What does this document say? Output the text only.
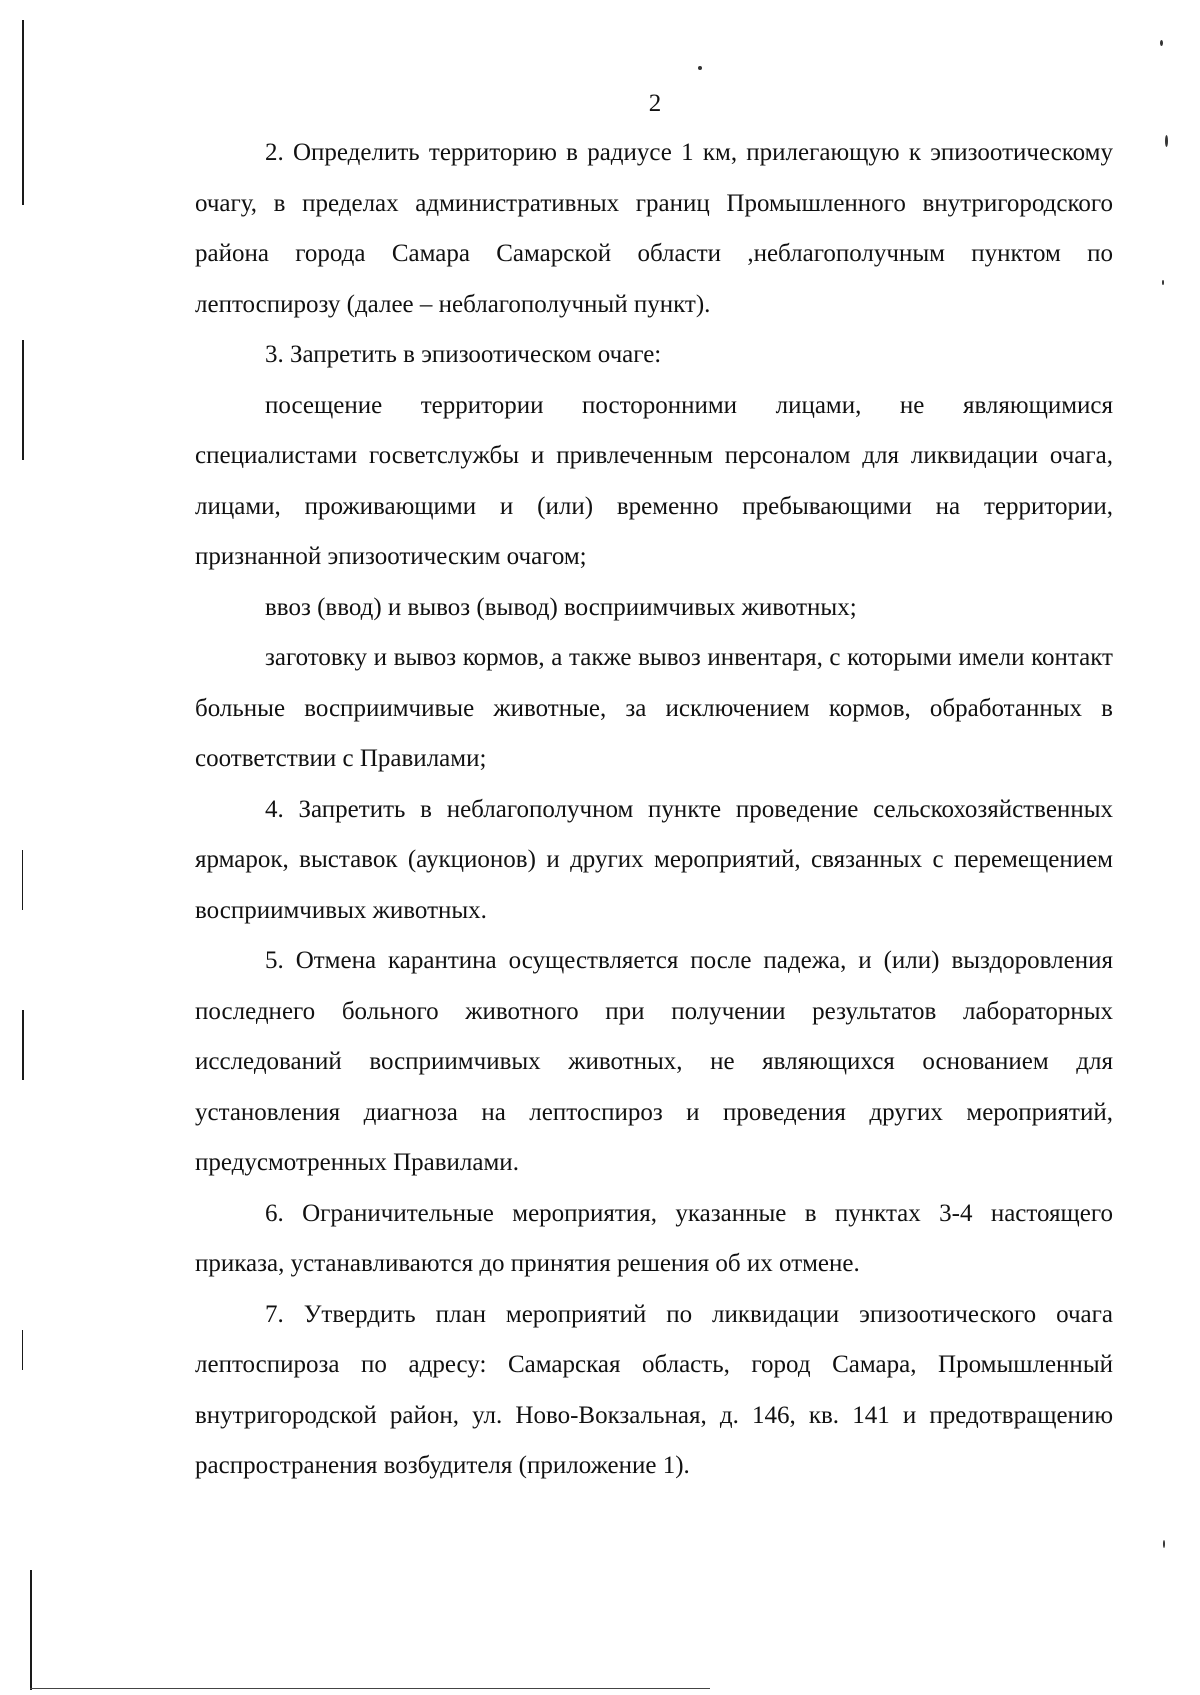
2

2. Определить территорию в радиусе 1 км, прилегающую к эпизоотическому очагу, в пределах административных границ Промышленного внутригородского района города Самара Самарской области ,неблагополучным пунктом по лептоспирозу (далее – неблагополучный пункт).

3. Запретить в эпизоотическом очаге:

посещение территории посторонними лицами, не являющимися специалистами госветслужбы и привлеченным персоналом для ликвидации очага, лицами, проживающими и (или) временно пребывающими на территории, признанной эпизоотическим очагом;

ввоз (ввод) и вывоз (вывод) восприимчивых животных;

заготовку и вывоз кормов, а также вывоз инвентаря, с которыми имели контакт больные восприимчивые животные, за исключением кормов, обработанных в соответствии с Правилами;

4. Запретить в неблагополучном пункте проведение сельскохозяйственных ярмарок, выставок (аукционов) и других мероприятий, связанных с перемещением восприимчивых животных.

5. Отмена карантина осуществляется после падежа, и (или) выздоровления последнего больного животного при получении результатов лабораторных исследований восприимчивых животных, не являющихся основанием для установления диагноза на лептоспироз и проведения других мероприятий, предусмотренных Правилами.

6. Ограничительные мероприятия, указанные в пунктах 3-4 настоящего приказа, устанавливаются до принятия решения об их отмене.

7. Утвердить план мероприятий по ликвидации эпизоотического очага лептоспироза по адресу: Самарская область, город Самара, Промышленный внутригородской район, ул. Ново-Вокзальная, д. 146, кв. 141 и предотвращению распространения возбудителя (приложение 1).
